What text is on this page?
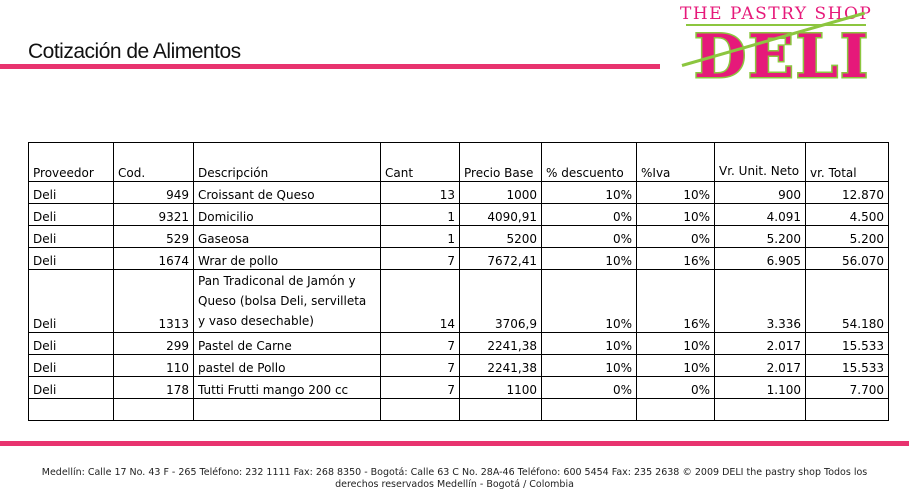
Cotización de Alimentos
THE PASTRY SHOP
DELI
Proveedor	Cod.	Descripción	Cant	Precio Base	% descuento	%Iva	Vr. Unit. Neto	vr. Total
Deli	949	Croissant de Queso	13	1000	10%	10%	900	12.870
Deli	9321	Domicilio	1	4090,91	0%	10%	4.091	4.500
Deli	529	Gaseosa	1	5200	0%	0%	5.200	5.200
Deli	1674	Wrar de pollo	7	7672,41	10%	16%	6.905	56.070
Deli	1313	Pan Tradiconal de Jamón y Queso (bolsa Deli, servilleta y vaso desechable)	14	3706,9	10%	16%	3.336	54.180
Deli	299	Pastel de Carne	7	2241,38	10%	10%	2.017	15.533
Deli	110	pastel de Pollo	7	2241,38	10%	10%	2.017	15.533
Deli	178	Tutti Frutti mango 200 cc	7	1100	0%	0%	1.100	7.700

Medellín: Calle 17 No. 43 F - 265 Teléfono: 232 1111 Fax: 268 8350 - Bogotá: Calle 63 C No. 28A-46 Teléfono: 600 5454 Fax: 235 2638 © 2009 DELI the pastry shop Todos los
derechos reservados Medellín - Bogotá / Colombia
